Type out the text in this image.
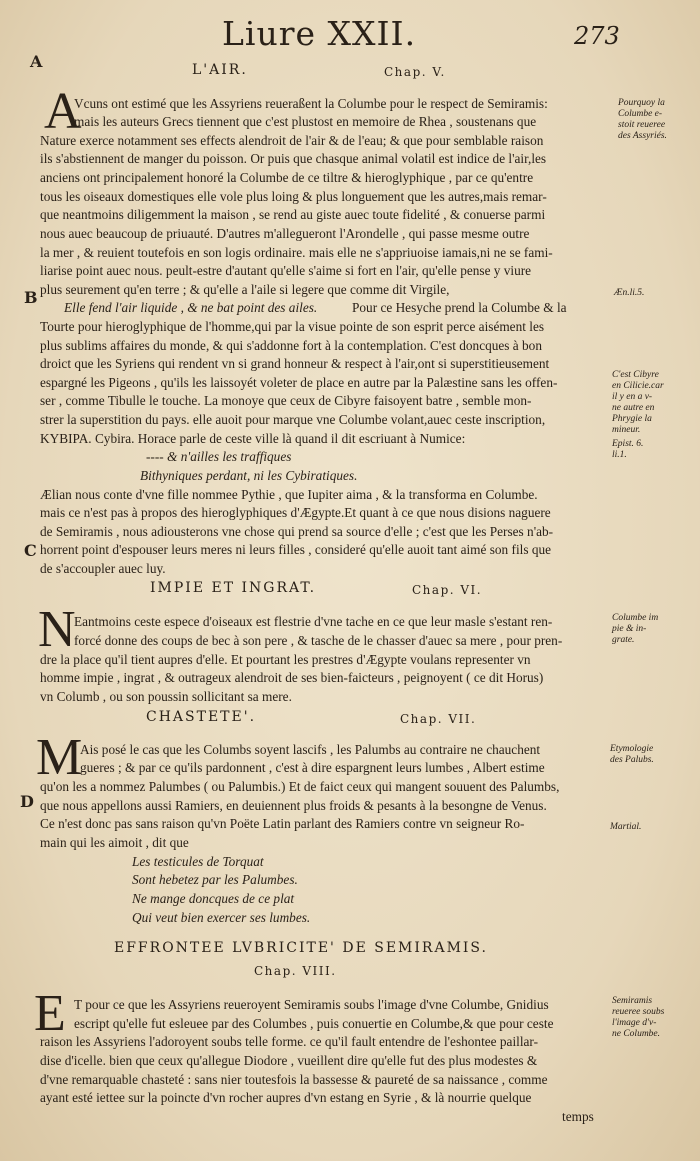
Liure XXII.	273
A
B
C
D
L'AIR.	Chap. V.
A
Vcuns ont estimé que les Assyriens reueraßent la Columbe pour le respect de Semiramis:
mais les auteurs Grecs tiennent que c'est plustost en memoire de Rhea , soustenans que
Nature exerce notamment ses effects alendroit de l'air & de l'eau; & que pour semblable raison
ils s'abstiennent de manger du poisson. Or puis que chasque animal volatil est indice de l'air,les
anciens ont principalement honoré la Columbe de ce tiltre & hieroglyphique , par ce qu'entre
tous les oiseaux domestiques elle vole plus loing & plus longuement que les autres,mais remar-
que neantmoins diligemment la maison , se rend au giste auec toute fidelité , & conuerse parmi
nous auec beaucoup de priuauté. D'autres m'allegueront l'Arondelle , qui passe mesme outre
la mer , & reuient toutefois en son logis ordinaire. mais elle ne s'appriuoise iamais,ni ne se fami-
liarise point auec nous. peult-estre d'autant qu'elle s'aime si fort en l'air, qu'elle pense y viure
plus seurement qu'en terre ; & qu'elle a l'aile si legere que comme dit Virgile,
Elle fend l'air liquide , & ne bat point des ailes.	Pour ce Hesyche prend la Columbe & la
Tourte pour hieroglyphique de l'homme,qui par la visue pointe de son esprit perce aisément les
plus sublims affaires du monde, & qui s'addonne fort à la contemplation. C'est doncques à bon
droict que les Syriens qui rendent vn si grand honneur & respect à l'air,ont si superstitieusement
espargné les Pigeons , qu'ils les laissoyét voleter de place en autre par la Palæstine sans les offen-
ser , comme Tibulle le touche. La monoye que ceux de Cibyre faisoyent batre , semble mon-
strer la superstition du pays. elle auoit pour marque vne Columbe volant,auec ceste inscription,
ΚΥΒΙΡΑ. Cybira. Horace parle de ceste ville là quand il dit escriuant à Numice:
---- & n'ailles les traffiques
Bithyniques perdant, ni les Cybiratiques.
Ælian nous conte d'vne fille nommee Pythie , que Iupiter aima , & la transforma en Columbe.
mais ce n'est pas à propos des hieroglyphiques d'Ægypte.Et quant à ce que nous disions naguere
de Semiramis , nous adiousterons vne chose qui prend sa source d'elle ; c'est que les Perses n'ab-
horrent point d'espouser leurs meres ni leurs filles , consideré qu'elle auoit tant aimé son fils que
de s'accoupler auec luy.
Pourquoy la
Columbe e-
stoit reueree
des Assyriés.
Æn.li.5.
C'est Cibyre
en Cilicie.car
il y en a v-
ne autre en
Phrygie la
mineur.
Epist. 6.
li.1.
IMPIE ET INGRAT.	Chap. VI.
N
Eantmoins ceste espece d'oiseaux est flestrie d'vne tache en ce que leur masle s'estant ren-
forcé donne des coups de bec à son pere , & tasche de le chasser d'auec sa mere , pour pren-
dre la place qu'il tient aupres d'elle. Et pourtant les prestres d'Ægypte voulans representer vn
homme impie , ingrat , & outrageux alendroit de ses bien-faicteurs , peignoyent ( ce dit Horus)
vn Columb , ou son poussin sollicitant sa mere.
Columbe im
pie & in-
grate.
CHASTETE'.	Chap. VII.
M
Ais posé le cas que les Columbs soyent lascifs , les Palumbs au contraire ne chauchent
gueres ; & par ce qu'ils pardonnent , c'est à dire espargnent leurs lumbes , Albert estime
qu'on les a nommez Palumbes ( ou Palumbis.) Et de faict ceux qui mangent souuent des Palumbs,
que nous appellons aussi Ramiers, en deuiennent plus froids & pesants à la besongne de Venus.
Ce n'est donc pas sans raison qu'vn Poëte Latin parlant des Ramiers contre vn seigneur Ro-
main qui les aimoit , dit que
Les testicules de Torquat
Sont hebetez par les Palumbes.
Ne mange doncques de ce plat
Qui veut bien exercer ses lumbes.
Etymologie
des Palubs.
Martial.
EFFRONTEE LVBRICITE' DE SEMIRAMIS.
Chap. VIII.
E T pour ce que les Assyriens reueroyent Semiramis soubs l'image d'vne Columbe, Gnidius
escript qu'elle fut esleuee par des Columbes , puis conuertie en Columbe,& que pour ceste
raison les Assyriens l'adoroyent soubs telle forme. ce qu'il fault entendre de l'eshontee paillar-
dise d'icelle. bien que ceux qu'allegue Diodore , vueillent dire qu'elle fut des plus modestes &
d'vne remarquable chasteté : sans nier toutesfois la bassesse & paureté de sa naissance , comme
ayant esté iettee sur la poincte d'vn rocher aupres d'vn estang en Syrie , & là nourrie quelque
temps
Semiramis
reueree soubs
l'image d'v-
ne Columbe.
